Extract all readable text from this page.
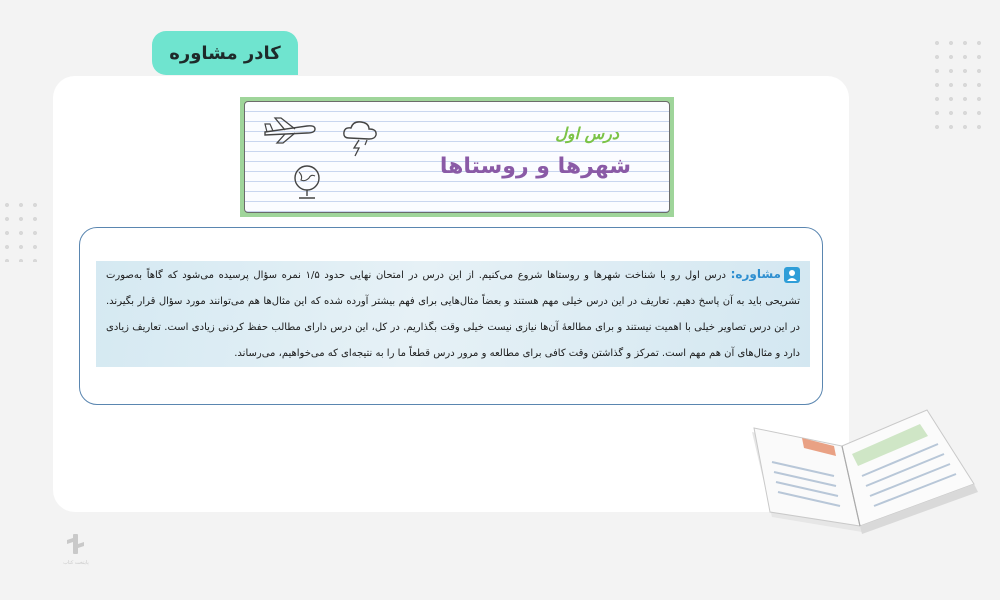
کادر مشاوره
درس اول
شهرها و روستاها
مشاوره: درس اول رو با شناخت شهرها و روستاها شروع می‌کنیم. از این درس در امتحان نهایی حدود ۱/۵ نمره سؤال پرسیده می‌شود که گاهاً به‌صورت تشریحی باید به آن پاسخ دهیم. تعاریف در این درس خیلی مهم هستند و بعضاً مثال‌هایی برای فهم بیشتر آورده شده که این مثال‌ها هم می‌توانند مورد سؤال قرار بگیرند. در این درس تصاویر خیلی با اهمیت نیستند و برای مطالعهٔ آن‌ها نیازی نیست خیلی وقت بگذاریم. در کل، این درس دارای مطالب حفظ کردنی زیادی است. تعاریف زیادی دارد و مثال‌های آن هم مهم است. تمرکز و گذاشتن وقت کافی برای مطالعه و مرور درس قطعاً ما را به نتیجه‌ای که می‌خواهیم، می‌رساند.
پایتخت کتاب
